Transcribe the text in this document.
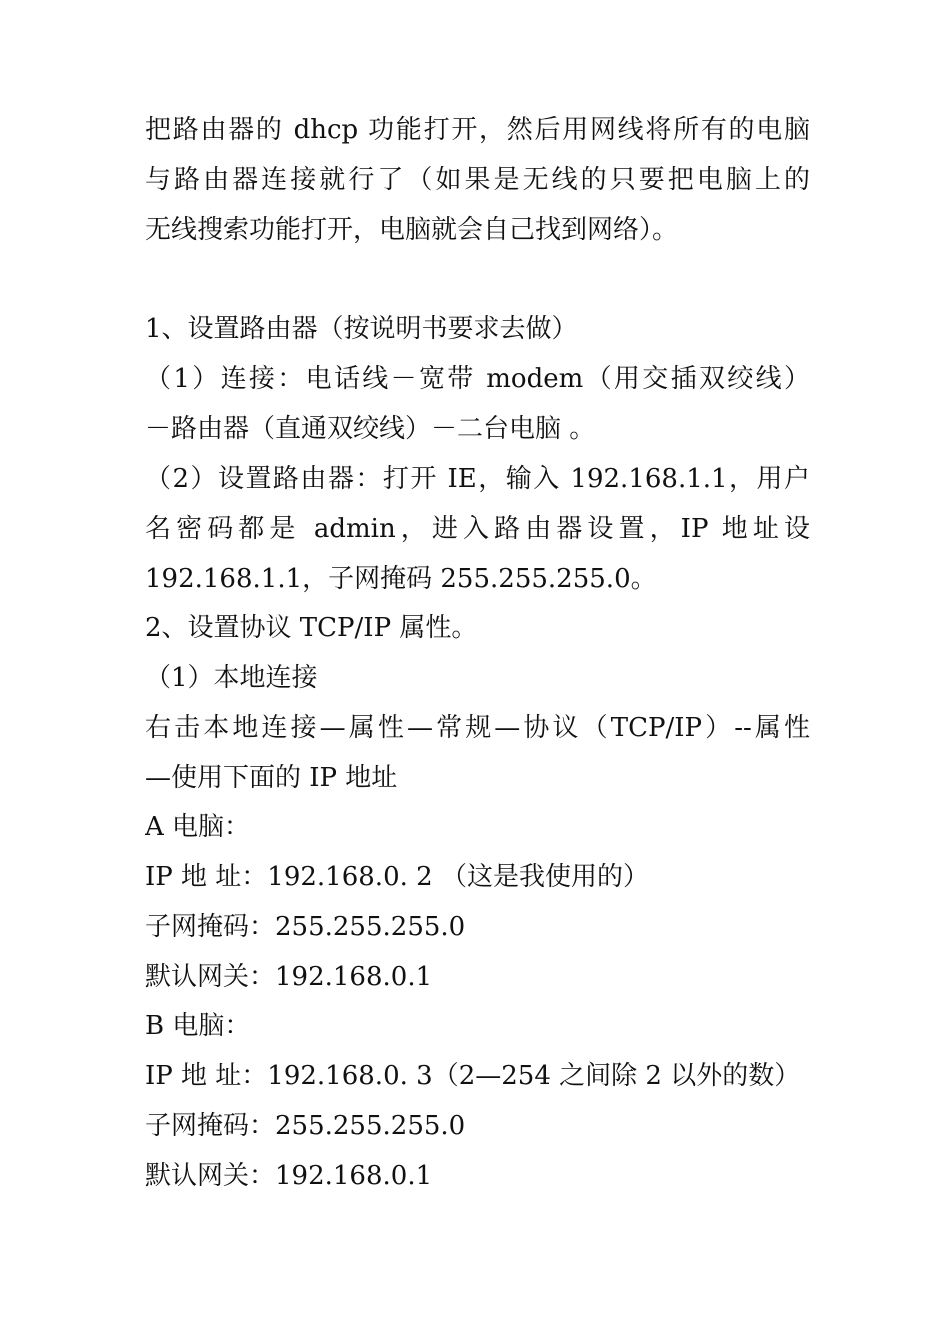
把路由器的 dhcp 功能打开，然后用网线将所有的电脑
与路由器连接就行了（如果是无线的只要把电脑上的
无线搜索功能打开，电脑就会自己找到网络）。
1、设置路由器（按说明书要求去做）
（1）连接：电话线－宽带 modem（用交插双绞线）
－路由器（直通双绞线）－二台电脑 。
（2）设置路由器：打开 IE，输入 192.168.1.1，用户
名密码都是 admin，进入路由器设置，IP 地址设
192.168.1.1，子网掩码 255.255.255.0。
2、设置协议 TCP/IP 属性。
（1）本地连接
右击本地连接—属性—常规—协议（TCP/IP）--属性
—使用下面的 IP 地址
A 电脑：
IP 地 址：192.168.0. 2 （这是我使用的）
子网掩码：255.255.255.0
默认网关：192.168.0.1
B 电脑：
IP 地 址：192.168.0. 3（2—254 之间除 2 以外的数）
子网掩码：255.255.255.0
默认网关：192.168.0.1
